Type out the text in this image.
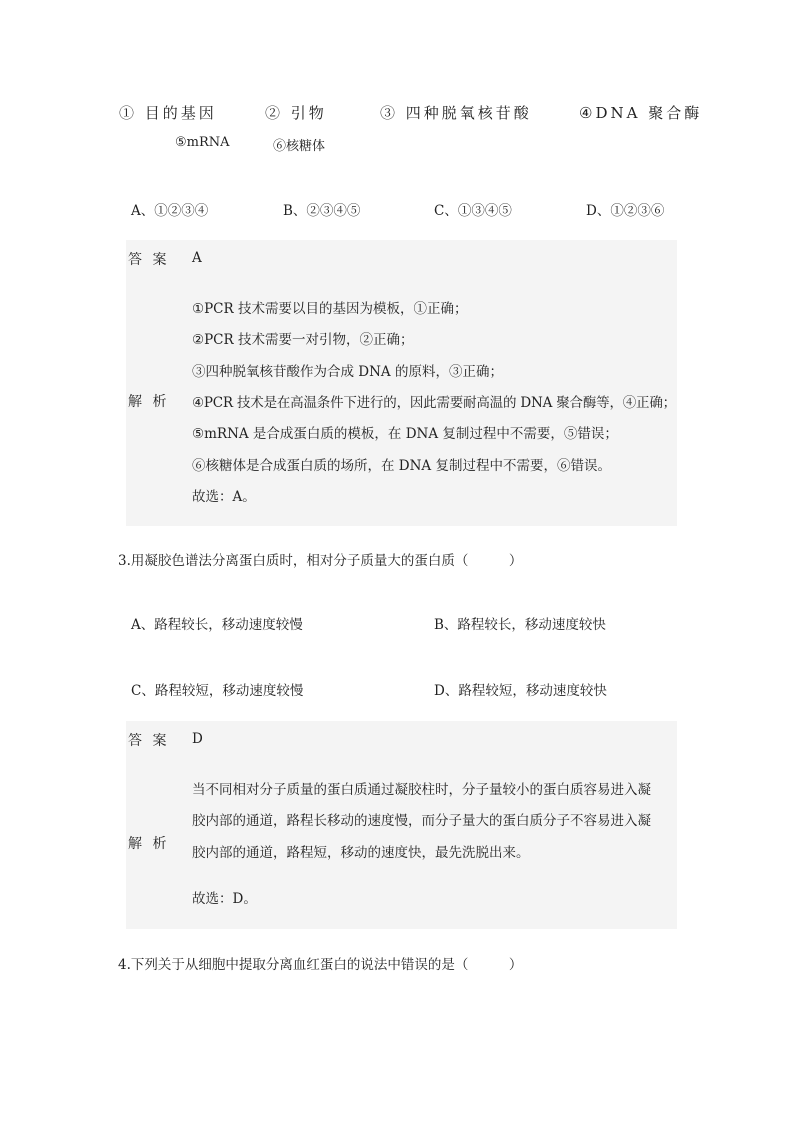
① 目的基因	② 引物	③ 四种脱氧核苷酸	④DNA 聚合酶
⑤mRNA	⑥核糖体
A、①②③④	B、②③④⑤	C、①③④⑤	D、①②③⑥
答 案 A
解 析
①PCR 技术需要以目的基因为模板，①正确；
②PCR 技术需要一对引物，②正确；
③四种脱氧核苷酸作为合成 DNA 的原料，③正确；
④PCR 技术是在高温条件下进行的，因此需要耐高温的 DNA 聚合酶等，④正确；
⑤mRNA 是合成蛋白质的模板，在 DNA 复制过程中不需要，⑤错误；
⑥核糖体是合成蛋白质的场所，在 DNA 复制过程中不需要，⑥错误。
故选：A。
3.用凝胶色谱法分离蛋白质时，相对分子质量大的蛋白质（　　　）
A、路程较长，移动速度较慢	B、路程较长，移动速度较快
C、路程较短，移动速度较慢	D、路程较短，移动速度较快
答 案 D
解 析
当不同相对分子质量的蛋白质通过凝胶柱时，分子量较小的蛋白质容易进入凝
胶内部的通道，路程长移动的速度慢，而分子量大的蛋白质分子不容易进入凝
胶内部的通道，路程短，移动的速度快，最先洗脱出来。
故选：D。
4.下列关于从细胞中提取分离血红蛋白的说法中错误的是（　　　）
